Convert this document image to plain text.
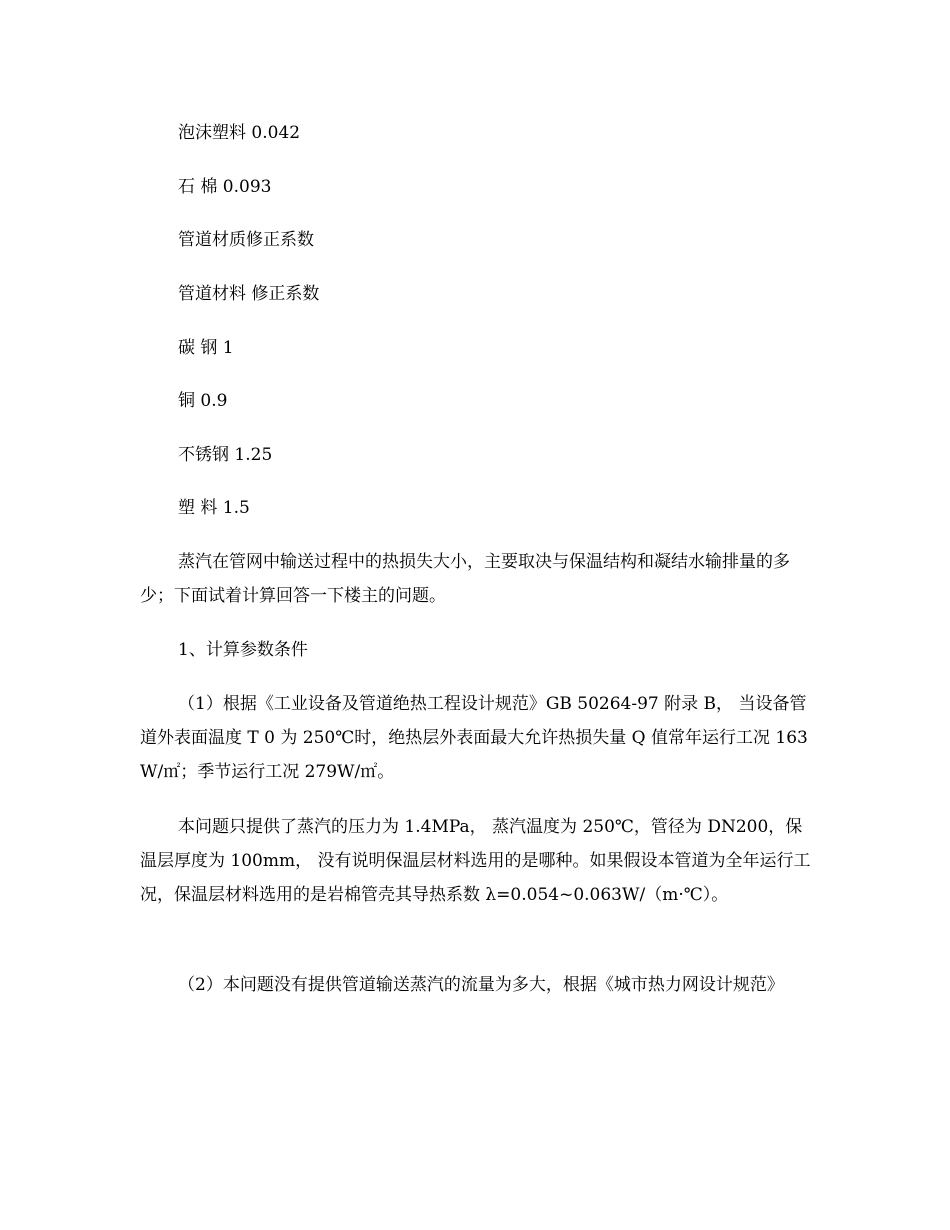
泡沫塑料 0.042
石 棉 0.093
管道材质修正系数
管道材料 修正系数
碳 钢 1
铜 0.9
不锈钢 1.25
塑 料 1.5
蒸汽在管网中输送过程中的热损失大小，主要取决与保温结构和凝结水输排量的多少；下面试着计算回答一下楼主的问题。
1、计算参数条件
（1）根据《工业设备及管道绝热工程设计规范》GB 50264-97 附录 B， 当设备管道外表面温度 T 0 为 250℃时，绝热层外表面最大允许热损失量 Q 值常年运行工况 163W/㎡；季节运行工况 279W/㎡。
本问题只提供了蒸汽的压力为 1.4MPa， 蒸汽温度为 250℃，管径为 DN200，保温层厚度为 100mm， 没有说明保温层材料选用的是哪种。如果假设本管道为全年运行工况，保温层材料选用的是岩棉管壳其导热系数 λ=0.054~0.063W/（m·℃）。
（2）本问题没有提供管道输送蒸汽的流量为多大，根据《城市热力网设计规范》
